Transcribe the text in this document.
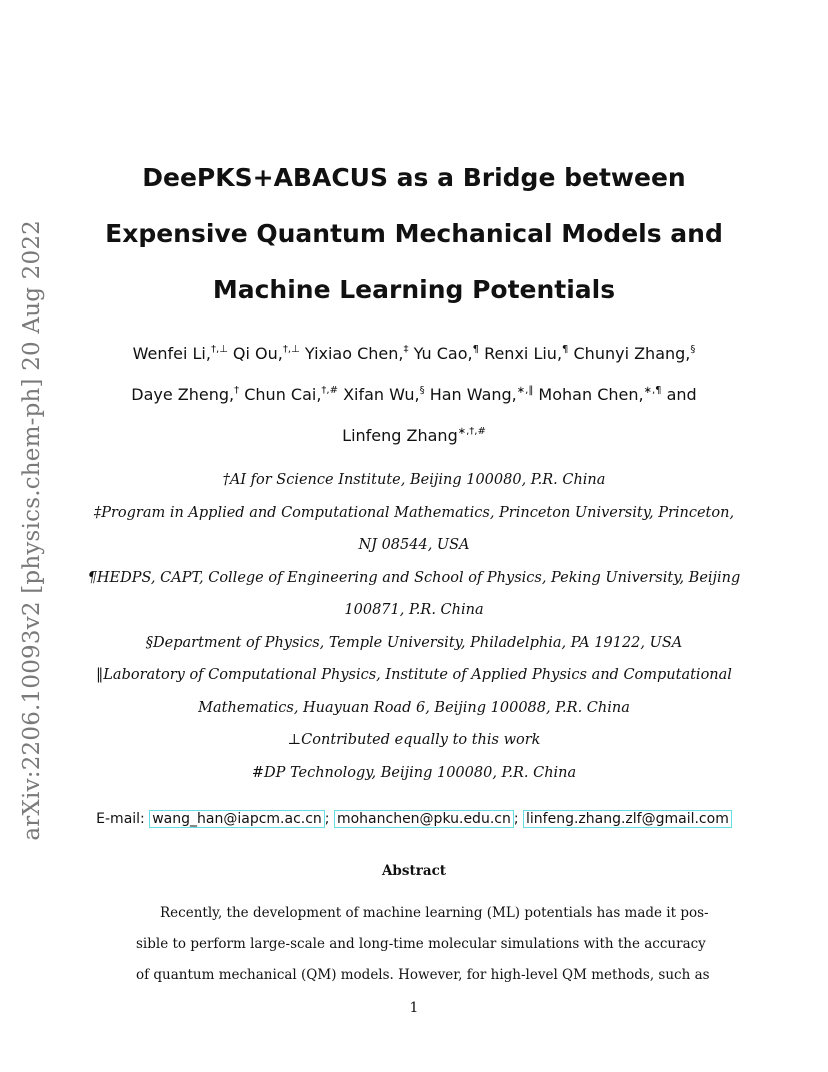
arXiv:2206.10093v2 [physics.chem-ph] 20 Aug 2022
DeePKS+ABACUS as a Bridge between
Expensive Quantum Mechanical Models and
Machine Learning Potentials
Wenfei Li,†,⊥ Qi Ou,†,⊥ Yixiao Chen,‡ Yu Cao,¶ Renxi Liu,¶ Chunyi Zhang,§
Daye Zheng,† Chun Cai,†,# Xifan Wu,§ Han Wang,∗,‖ Mohan Chen,∗,¶ and
Linfeng Zhang∗,†,#
†AI for Science Institute, Beijing 100080, P.R. China
‡Program in Applied and Computational Mathematics, Princeton University, Princeton,
NJ 08544, USA
¶HEDPS, CAPT, College of Engineering and School of Physics, Peking University, Beijing
100871, P.R. China
§Department of Physics, Temple University, Philadelphia, PA 19122, USA
‖Laboratory of Computational Physics, Institute of Applied Physics and Computational
Mathematics, Huayuan Road 6, Beijing 100088, P.R. China
⊥Contributed equally to this work
#DP Technology, Beijing 100080, P.R. China
E-mail: wang_han@iapcm.ac.cn ; mohanchen@pku.edu.cn ; linfeng.zhang.zlf@gmail.com
Abstract
Recently, the development of machine learning (ML) potentials has made it pos-
sible to perform large-scale and long-time molecular simulations with the accuracy
of quantum mechanical (QM) models. However, for high-level QM methods, such as
1
